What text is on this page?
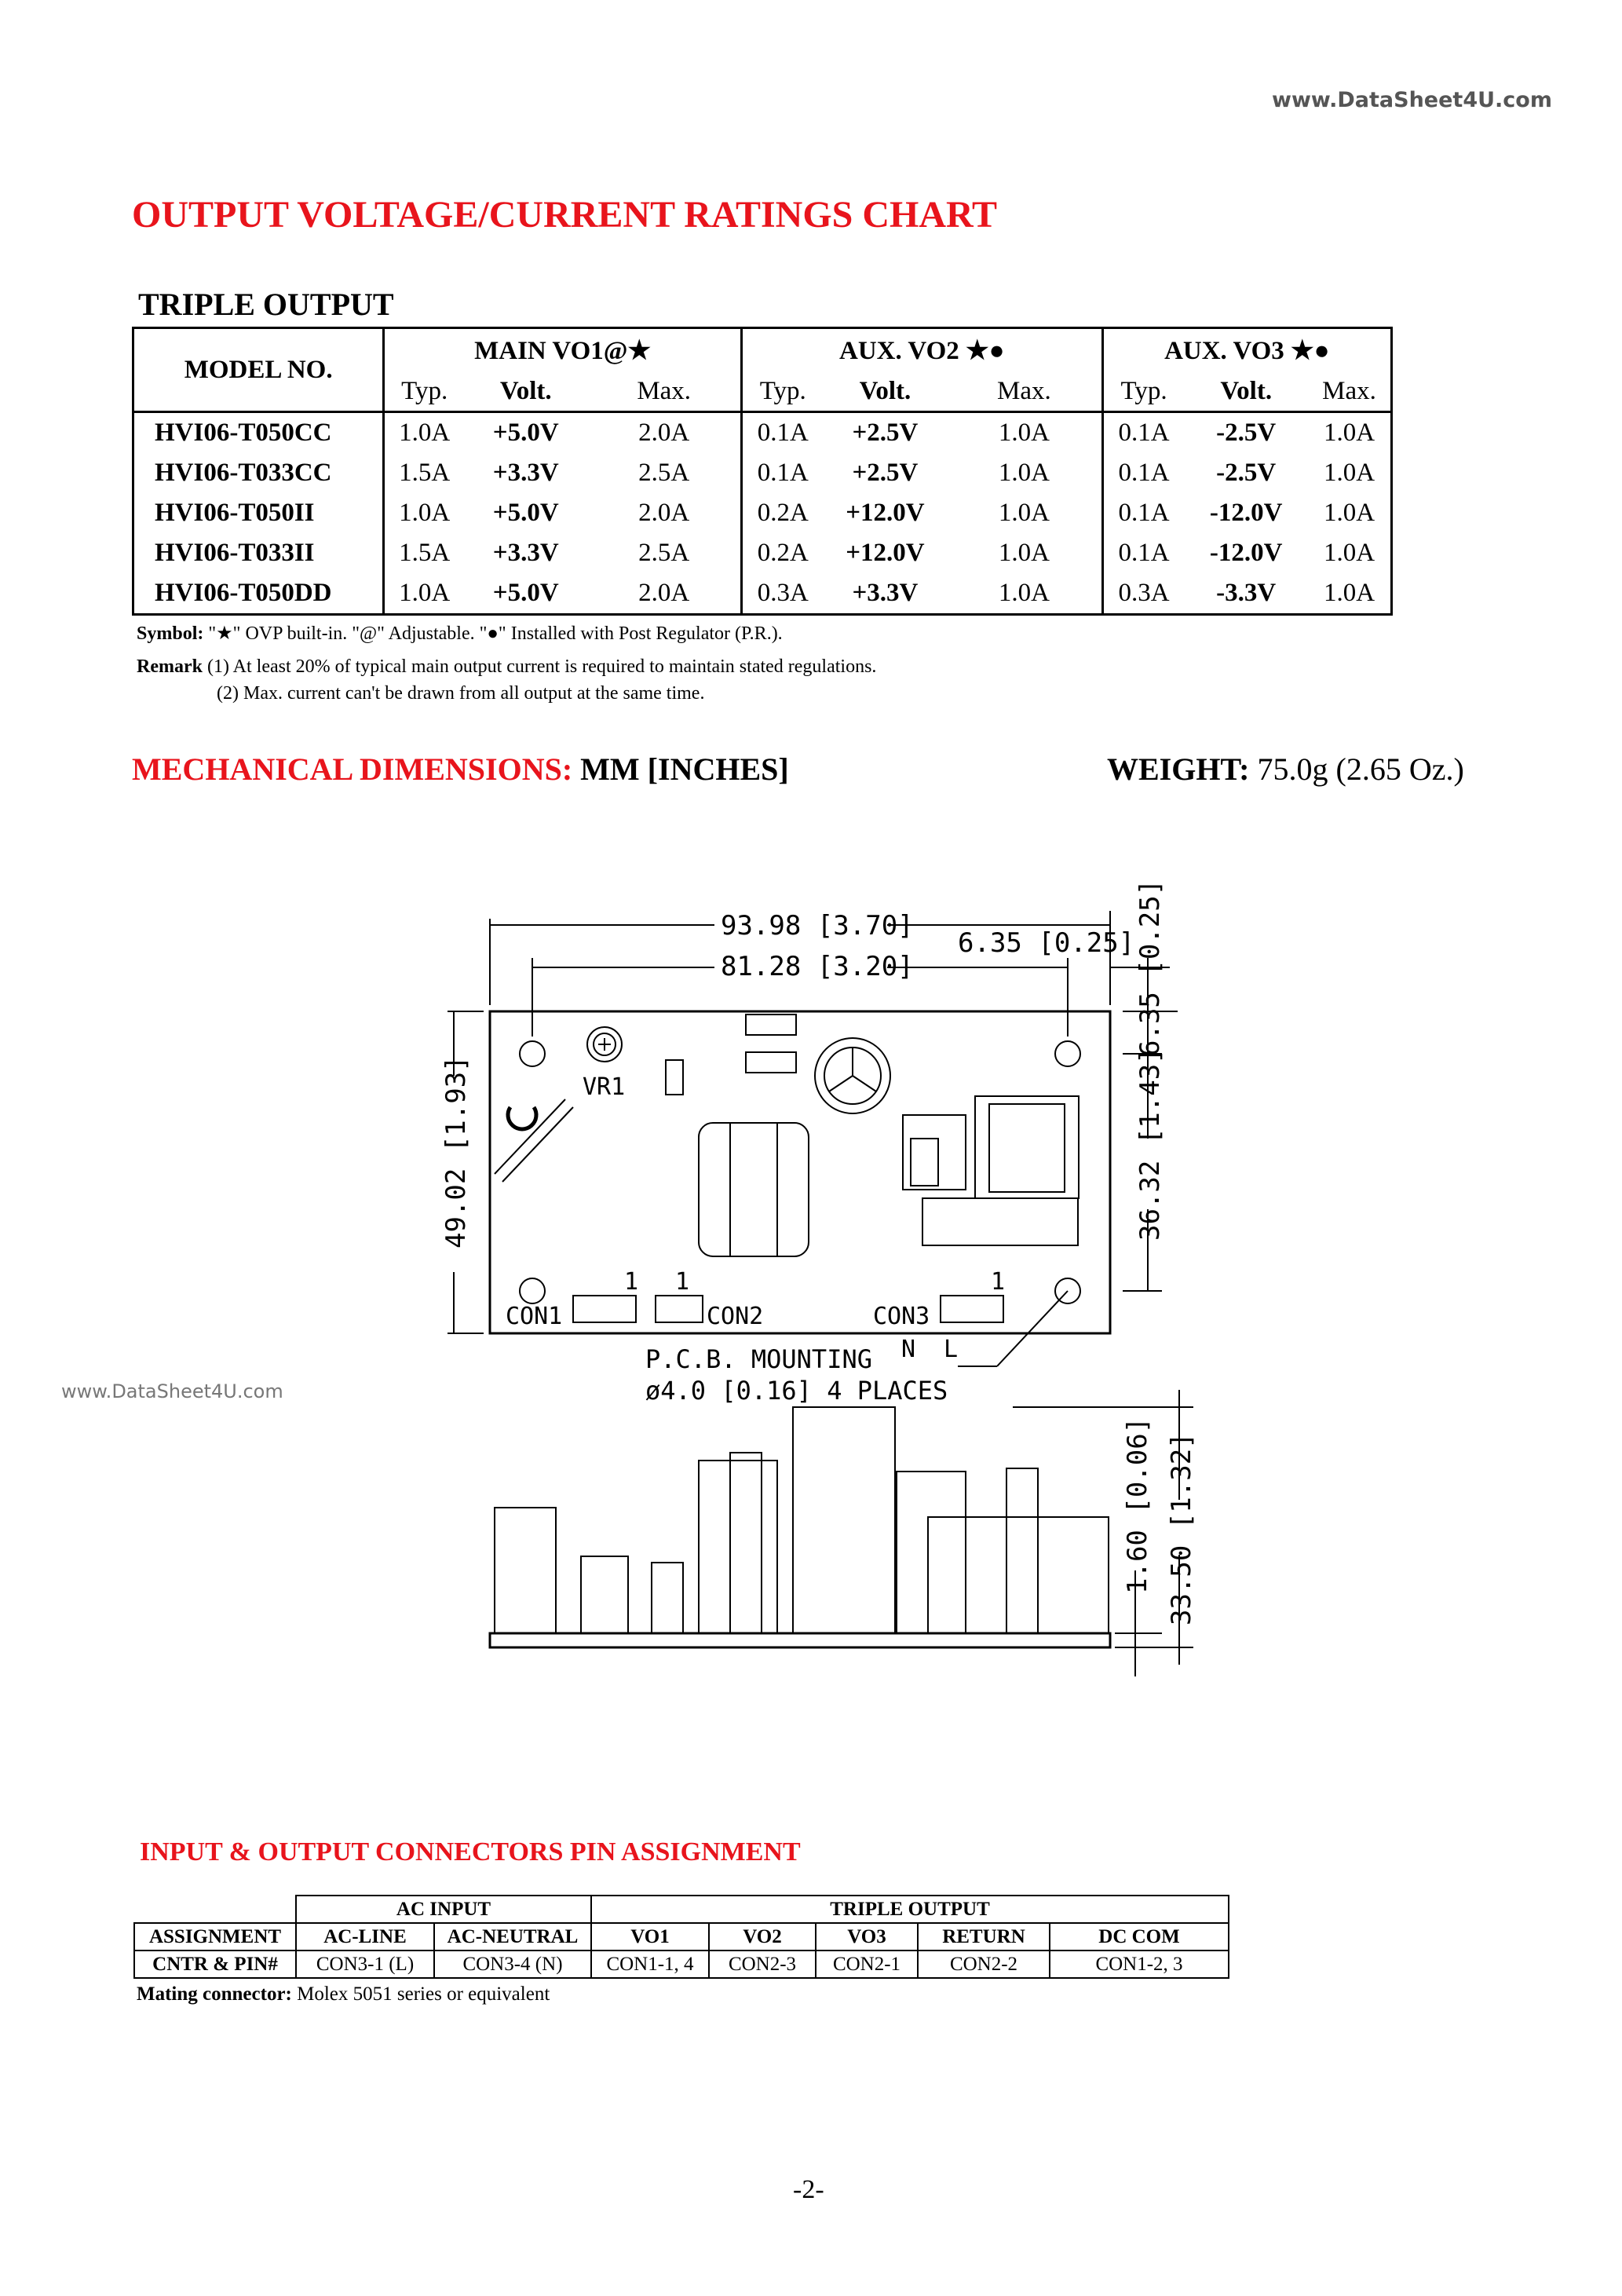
www.DataSheet4U.com
OUTPUT VOLTAGE/CURRENT RATINGS CHART
TRIPLE OUTPUT
MODEL NO.	MAIN VO1@★			AUX. VO2 ★●			AUX. VO3 ★●		
	Typ.	Volt.	Max.	Typ.	Volt.	Max.	Typ.	Volt.	Max.
HVI06-T050CC	1.0A	+5.0V	2.0A	0.1A	+2.5V	1.0A	0.1A	-2.5V	1.0A
HVI06-T033CC	1.5A	+3.3V	2.5A	0.1A	+2.5V	1.0A	0.1A	-2.5V	1.0A
HVI06-T050II	1.0A	+5.0V	2.0A	0.2A	+12.0V	1.0A	0.1A	-12.0V	1.0A
HVI06-T033II	1.5A	+3.3V	2.5A	0.2A	+12.0V	1.0A	0.1A	-12.0V	1.0A
HVI06-T050DD	1.0A	+5.0V	2.0A	0.3A	+3.3V	1.0A	0.3A	-3.3V	1.0A
Symbol: "★" OVP built-in. "@" Adjustable. "●" Installed with Post Regulator (P.R.).
Remark (1) At least 20% of typical main output current is required to maintain stated regulations.
(2) Max. current can't be drawn from all output at the same time.
MECHANICAL DIMENSIONS: MM [INCHES]	WEIGHT: 75.0g (2.65 Oz.)
www.DataSheet4U.com
93.98 [3.70]
81.28 [3.20]
6.35 [0.25] 6.35 [0.25]
49.02 [1.93]	36.32 [1.43]
1.60 [0.06] 33.50 [1.32]
VR1
CON1	CON2	CON3
1 1	1
N L
P.C.B. MOUNTING
ø4.0 [0.16] 4 PLACES
INPUT & OUTPUT CONNECTORS PIN ASSIGNMENT
	AC INPUT		TRIPLE OUTPUT				
ASSIGNMENT	AC-LINE	AC-NEUTRAL	VO1	VO2	VO3	RETURN	DC COM
CNTR & PIN#	CON3-1 (L)	CON3-4 (N)	CON1-1, 4	CON2-3	CON2-1	CON2-2	CON1-2, 3
Mating connector: Molex 5051 series or equivalent
-2-
